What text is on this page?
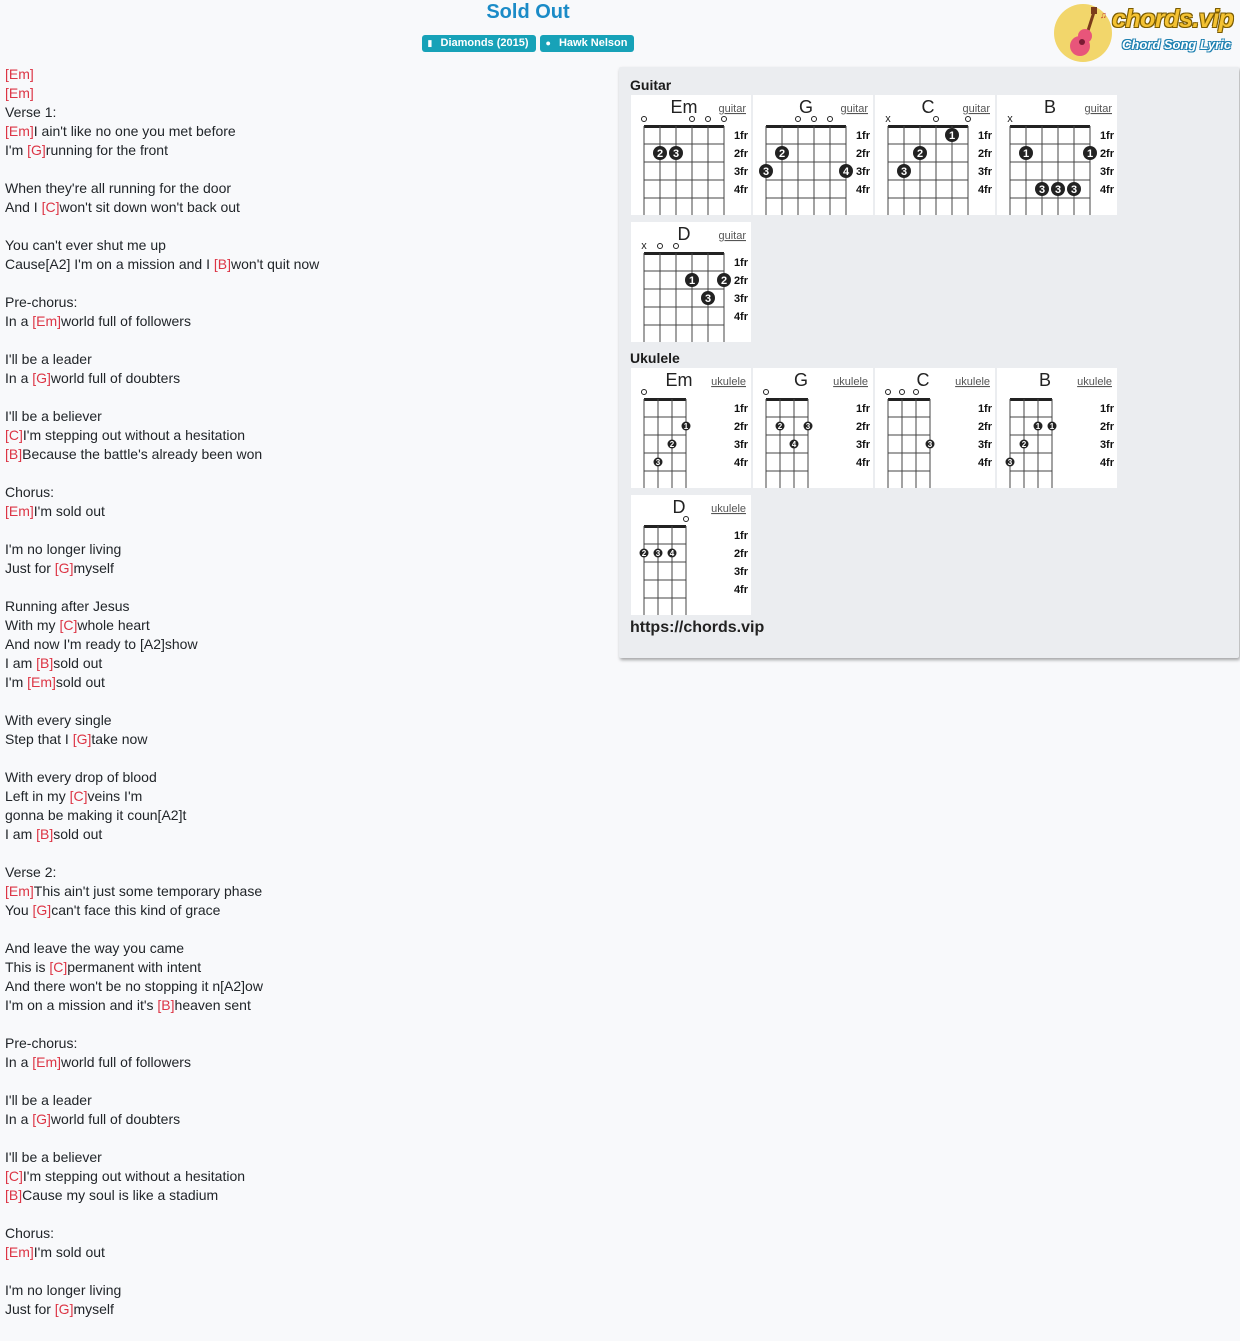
Sold Out
▮ Diamonds (2015) ● Hawk Nelson
♫ chords.vip
Chord Song Lyric
[Em]
[Em]
Verse 1:
[Em]I ain't like no one you met before
I'm [G]running for the front
When they're all running for the door
And I [C]won't sit down won't back out
You can't ever shut me up
Cause[A2] I'm on a mission and I [B]won't quit now
Pre-chorus:
In a [Em]world full of followers
I'll be a leader
In a [G]world full of doubters
I'll be a believer
[C]I'm stepping out without a hesitation
[B]Because the battle's already been won
Chorus:
[Em]I'm sold out
I'm no longer living
Just for [G]myself
Running after Jesus
With my [C]whole heart
And now I'm ready to [A2]show
I am [B]sold out
I'm [Em]sold out
With every single
Step that I [G]take now
With every drop of blood
Left in my [C]veins I'm
gonna be making it coun[A2]t
I am [B]sold out
Verse 2:
[Em]This ain't just some temporary phase
You [G]can't face this kind of grace
And leave the way you came
This is [C]permanent with intent
And there won't be no stopping it n[A2]ow
I'm on a mission and it's [B]heaven sent
Pre-chorus:
In a [Em]world full of followers
I'll be a leader
In a [G]world full of doubters
I'll be a believer
[C]I'm stepping out without a hesitation
[B]Cause my soul is like a stadium
Chorus:
[Em]I'm sold out
I'm no longer living
Just for [G]myself
Guitar
Ukulele
https://chords.vip
Em guitar
1fr
2fr
3fr
4fr
2 3
G guitar
1fr
2fr
3fr
4fr
3
2
4
C	guitar
1fr
2fr
3fr
4fr
x
3
2
1
B	guitar
1fr
2fr
3fr
4fr
x
1
3 3 3
1
D	guitar
1fr
2fr
3fr
4fr
x
1
3
2
Em ukulele
1fr
2fr
3fr
4fr
3
2
1
G ukulele
1fr
2fr
3fr
4fr
2
4
3
C ukulele
1fr
2fr
3fr
4fr
3
B ukulele
1fr
2fr
3fr
4fr
3
2
1 1
D ukulele
1fr
2fr
3fr
4fr
2 3 4
